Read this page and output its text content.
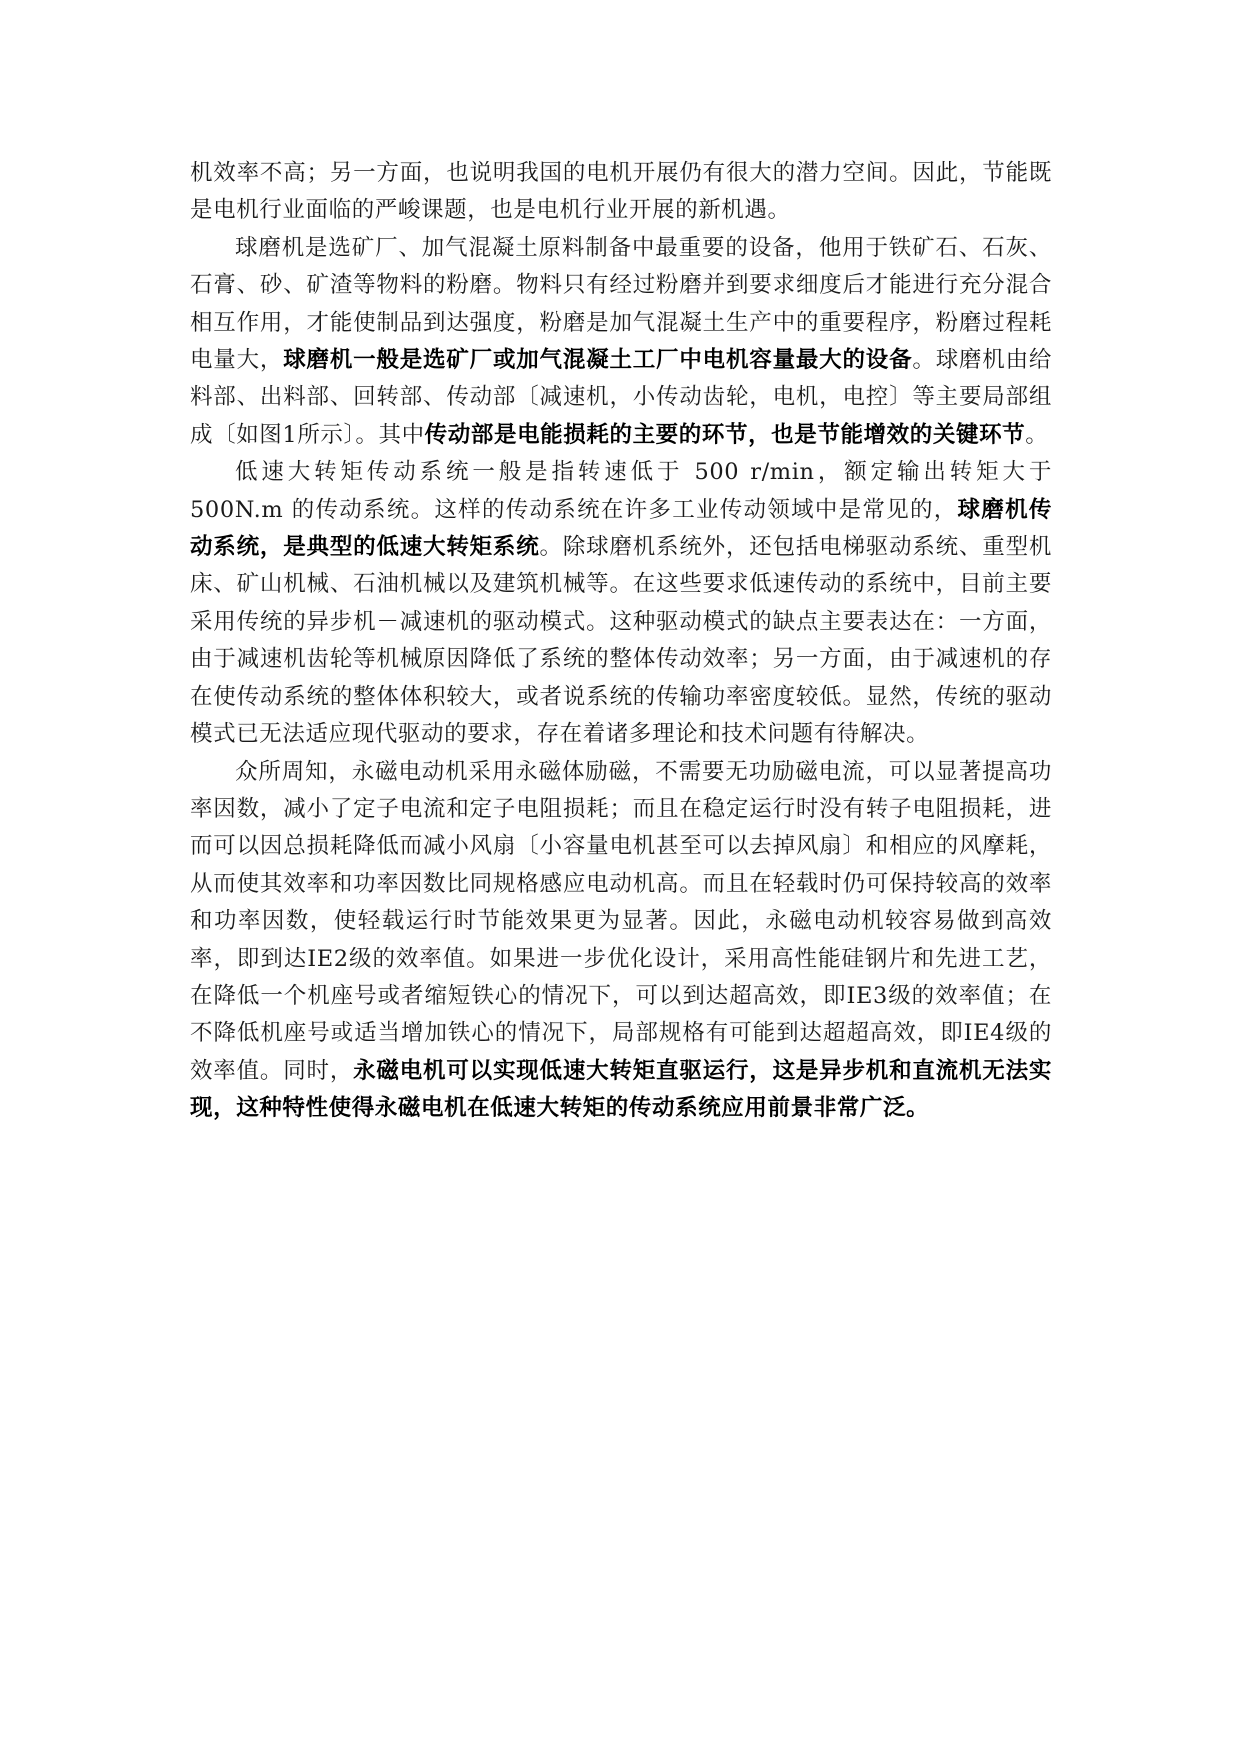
机效率不高；另一方面，也说明我国的电机开展仍有很大的潜力空间。因此，节能既是电机行业面临的严峻课题，也是电机行业开展的新机遇。

球磨机是选矿厂、加气混凝土原料制备中最重要的设备，他用于铁矿石、石灰、石膏、砂、矿渣等物料的粉磨。物料只有经过粉磨并到要求细度后才能进行充分混合相互作用，才能使制品到达强度，粉磨是加气混凝土生产中的重要程序，粉磨过程耗电量大，球磨机一般是选矿厂或加气混凝土工厂中电机容量最大的设备。球磨机由给料部、出料部、回转部、传动部〔减速机，小传动齿轮，电机，电控〕等主要局部组成〔如图1所示〕。其中传动部是电能损耗的主要的环节，也是节能增效的关键环节。

低速大转矩传动系统一般是指转速低于 500 r/min，额定输出转矩大于 500N.m 的传动系统。这样的传动系统在许多工业传动领域中是常见的，球磨机传动系统，是典型的低速大转矩系统。除球磨机系统外，还包括电梯驱动系统、重型机床、矿山机械、石油机械以及建筑机械等。在这些要求低速传动的系统中，目前主要采用传统的异步机－减速机的驱动模式。这种驱动模式的缺点主要表达在：一方面，由于减速机齿轮等机械原因降低了系统的整体传动效率；另一方面，由于减速机的存在使传动系统的整体体积较大，或者说系统的传输功率密度较低。显然，传统的驱动模式已无法适应现代驱动的要求，存在着诸多理论和技术问题有待解决。

众所周知，永磁电动机采用永磁体励磁，不需要无功励磁电流，可以显著提高功率因数，减小了定子电流和定子电阻损耗；而且在稳定运行时没有转子电阻损耗，进而可以因总损耗降低而减小风扇〔小容量电机甚至可以去掉风扇〕和相应的风摩耗，从而使其效率和功率因数比同规格感应电动机高。而且在轻载时仍可保持较高的效率和功率因数，使轻载运行时节能效果更为显著。因此，永磁电动机较容易做到高效率，即到达IE2级的效率值。如果进一步优化设计，采用高性能硅钢片和先进工艺，在降低一个机座号或者缩短铁心的情况下，可以到达超高效，即IE3级的效率值；在不降低机座号或适当增加铁心的情况下，局部规格有可能到达超超高效，即IE4级的效率值。同时，永磁电机可以实现低速大转矩直驱运行，这是异步机和直流机无法实现，这种特性使得永磁电机在低速大转矩的传动系统应用前景非常广泛。
